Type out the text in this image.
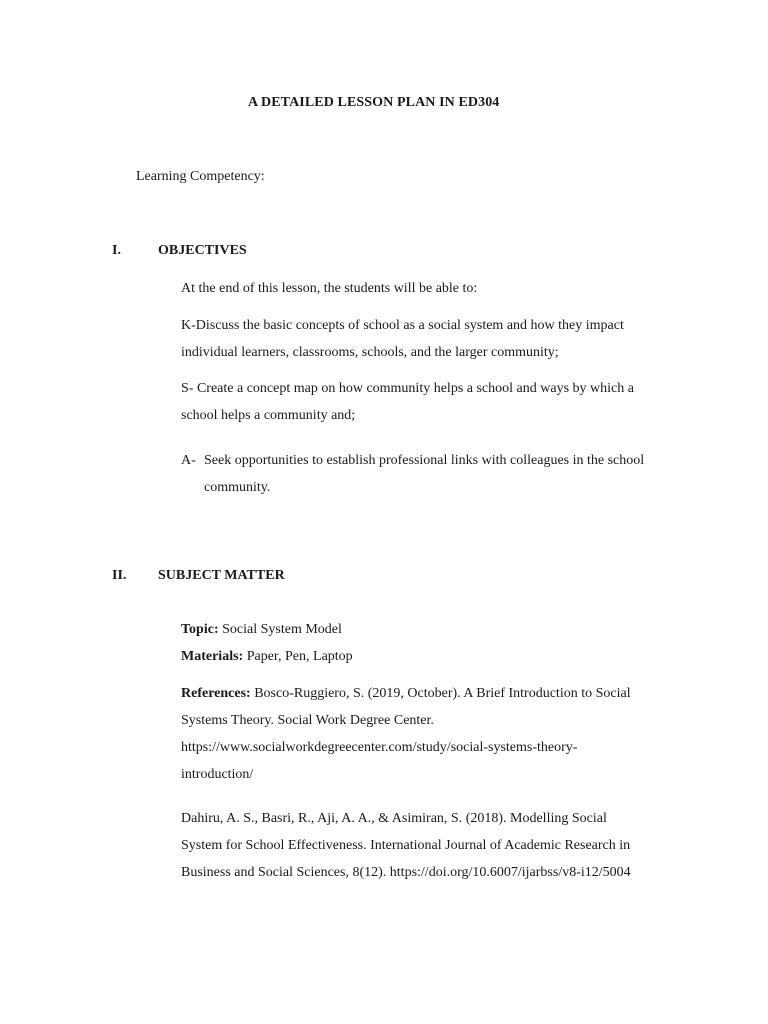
A DETAILED LESSON PLAN IN ED304
Learning Competency:
I.	OBJECTIVES
At the end of this lesson, the students will be able to:
K-Discuss the basic concepts of school as a social system and how they impact
individual learners, classrooms, schools, and the larger community;
S- Create a concept map on how community helps a school and ways by which a
school helps a community and;
A- Seek opportunities to establish professional links with colleagues in the school
community.
II. SUBJECT MATTER
Topic: Social System Model
Materials: Paper, Pen, Laptop
References: Bosco-Ruggiero, S. (2019, October). A Brief Introduction to Social
Systems Theory. Social Work Degree Center.
https://www.socialworkdegreecenter.com/study/social-systems-theory-
introduction/
Dahiru, A. S., Basri, R., Aji, A. A., & Asimiran, S. (2018). Modelling Social
System for School Effectiveness. International Journal of Academic Research in
Business and Social Sciences, 8(12). https://doi.org/10.6007/ijarbss/v8-i12/5004
